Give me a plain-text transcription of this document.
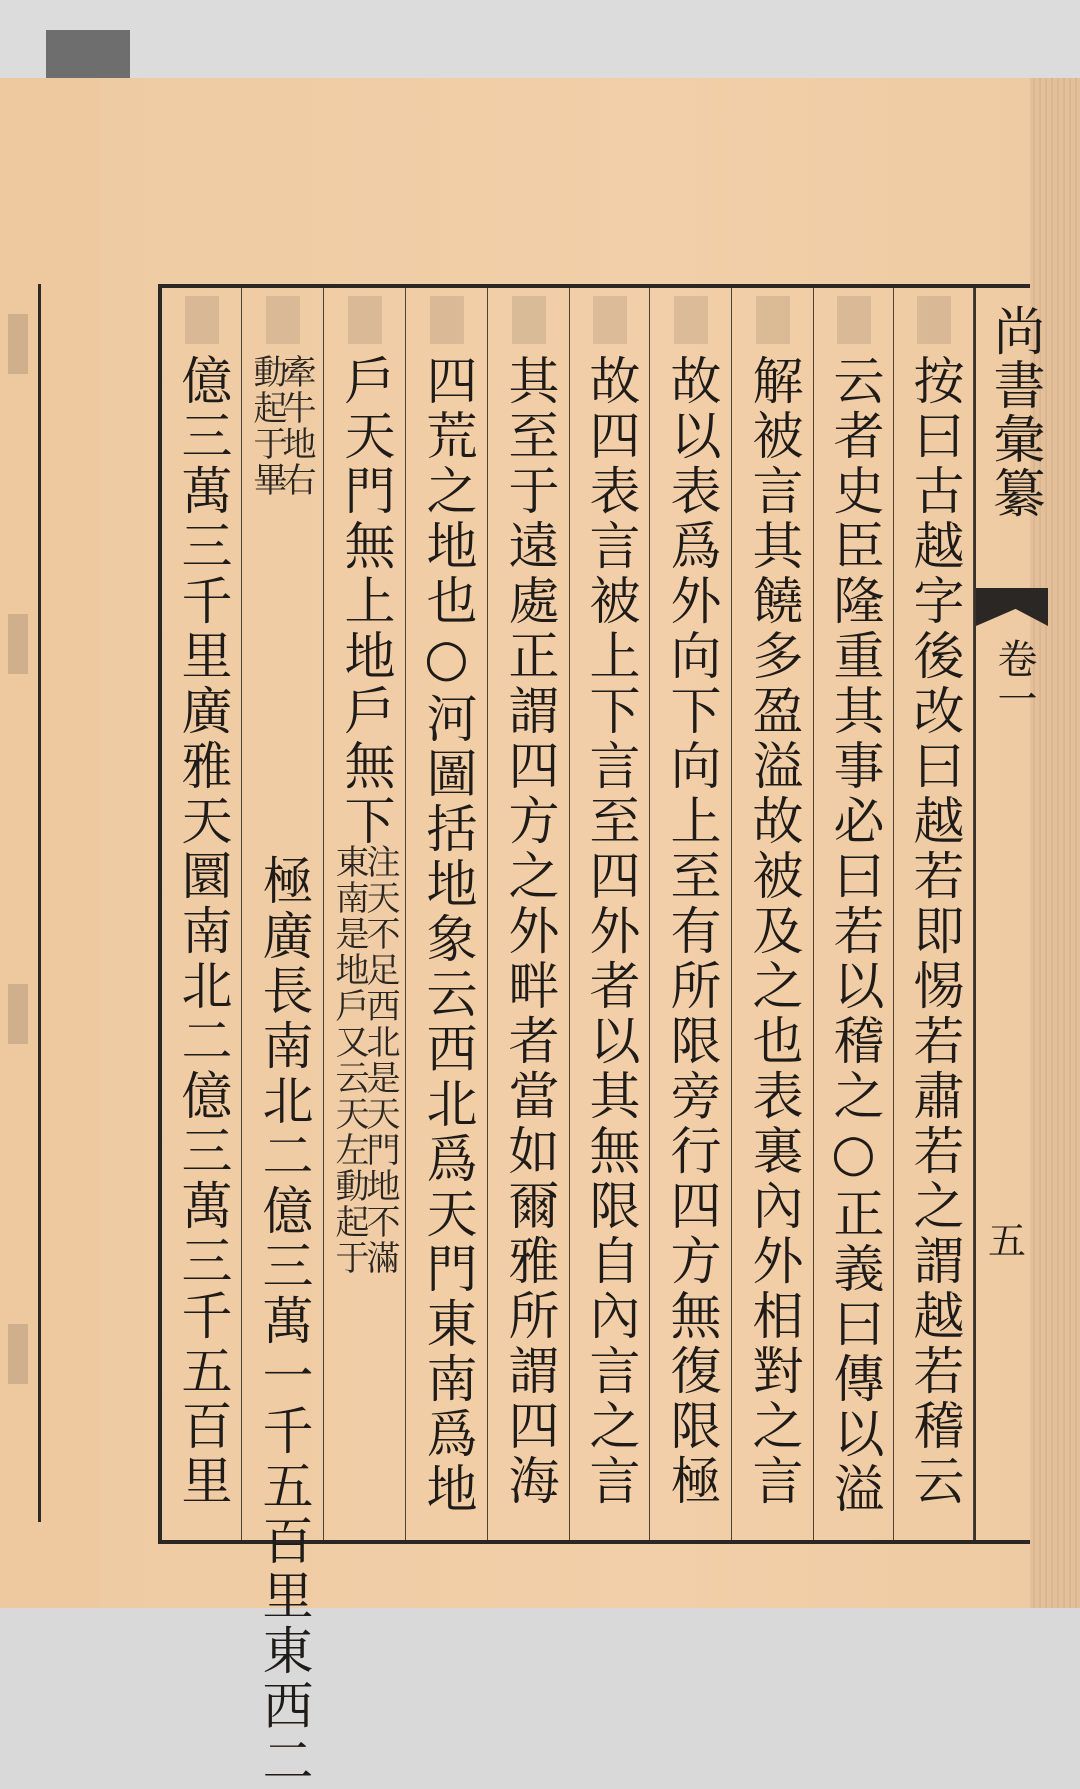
億三萬三千里廣雅天圜南北二億三萬三千五百里 牽牛地右
動起于畢
極廣長南北二億三萬一千五百里東西二
戶天門無上地戶無下
注天不足西北是天門地不滿
東南是地戶又云天左動起于 四荒之地也○河圖括地象云西北爲天門東南爲地 其至于遠處正謂四方之外畔者當如爾雅所謂四海 故四表言被上下言至四外者以其無限自內言之言 故以表爲外向下向上至有所限旁行四方無復限極 解被言其饒多盈溢故被及之也表裏內外相對之言 云者史臣隆重其事必曰若以稽之○正義曰傳以溢 按曰古越字後改曰越若即惕若肅若之謂越若稽云 尚書彙纂
卷一
五
